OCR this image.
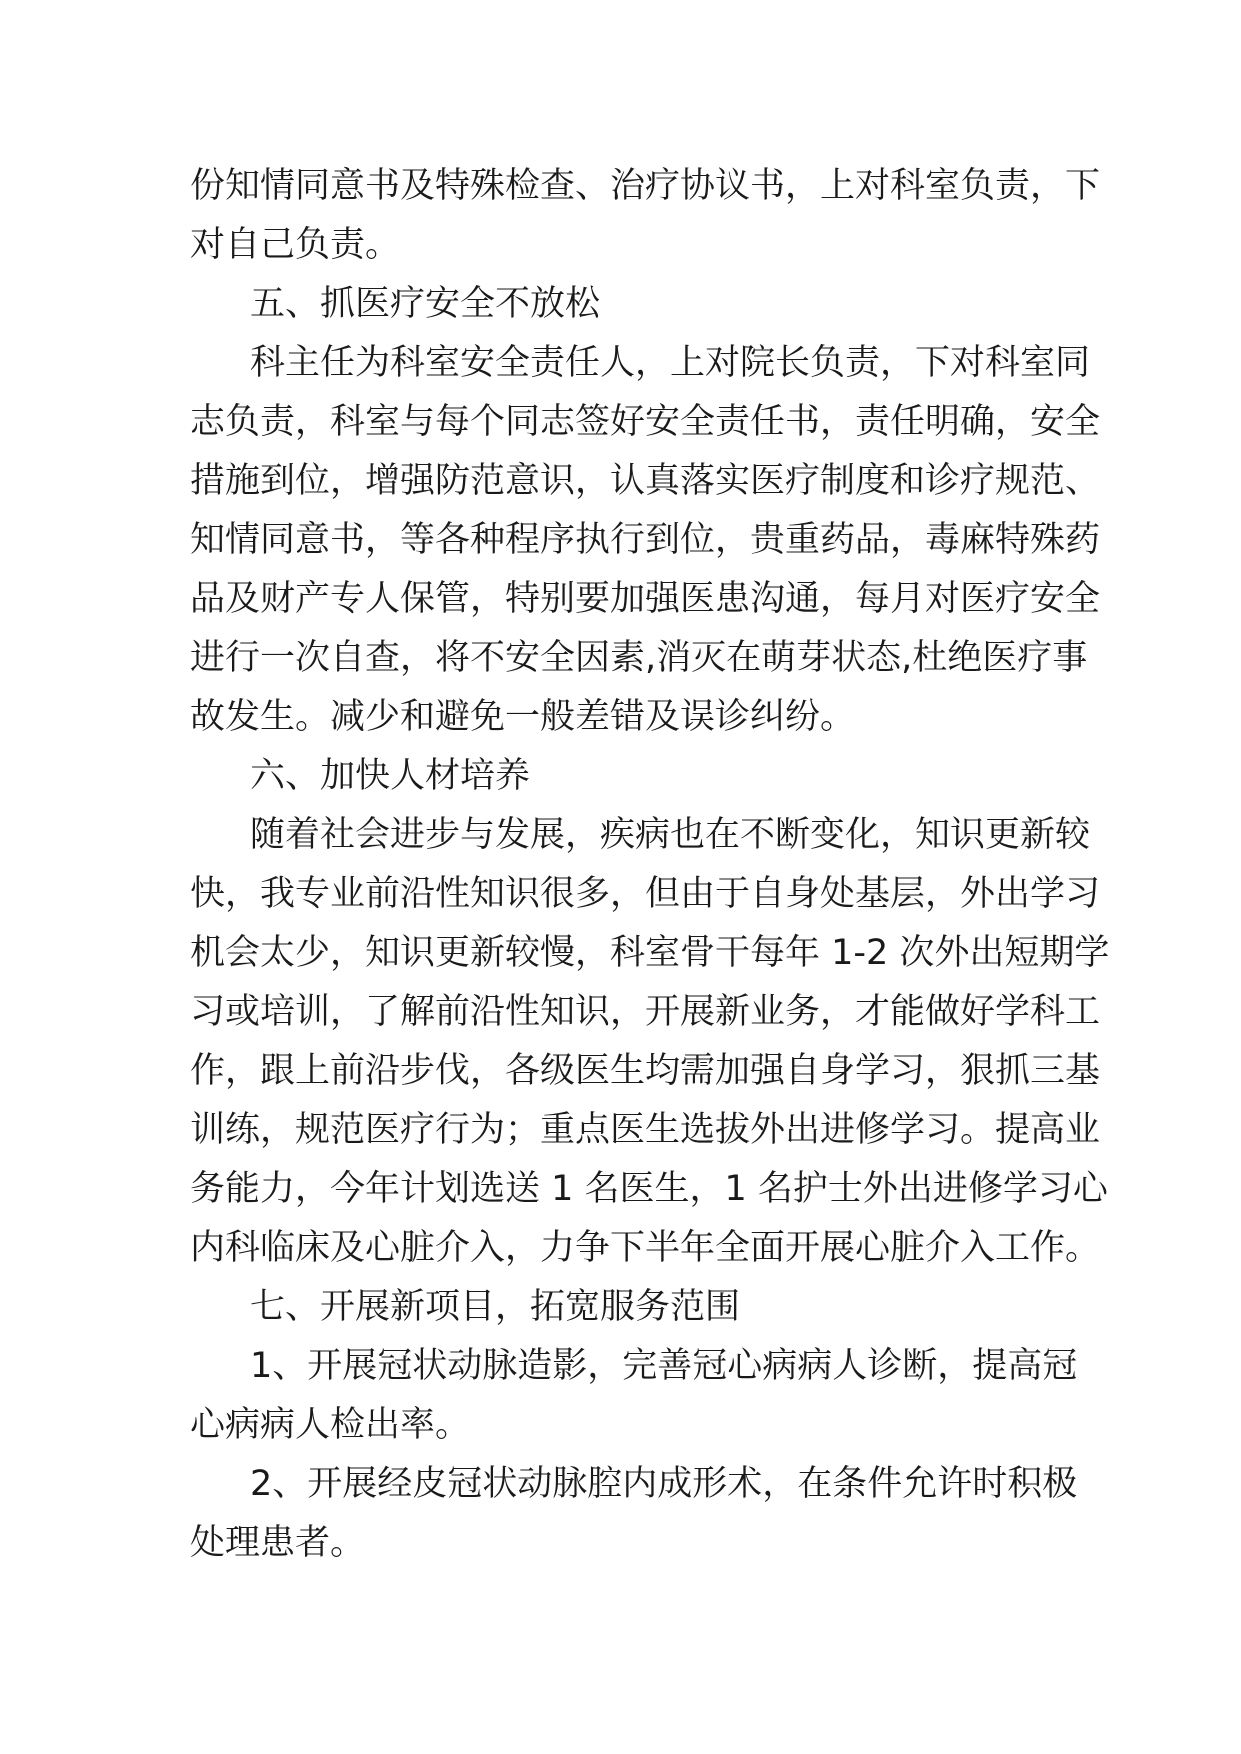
份知情同意书及特殊检查、治疗协议书，上对科室负责，下
对自己负责。
五、抓医疗安全不放松
科主任为科室安全责任人，上对院长负责，下对科室同
志负责，科室与每个同志签好安全责任书，责任明确，安全
措施到位，增强防范意识，认真落实医疗制度和诊疗规范、
知情同意书，等各种程序执行到位，贵重药品，毒麻特殊药
品及财产专人保管，特别要加强医患沟通，每月对医疗安全
进行一次自查，将不安全因素,消灭在萌芽状态,杜绝医疗事
故发生。减少和避免一般差错及误诊纠纷。
六、加快人材培养
随着社会进步与发展，疾病也在不断变化，知识更新较
快，我专业前沿性知识很多，但由于自身处基层，外出学习
机会太少，知识更新较慢，科室骨干每年 1-2 次外出短期学
习或培训，了解前沿性知识，开展新业务，才能做好学科工
作，跟上前沿步伐，各级医生均需加强自身学习，狠抓三基
训练，规范医疗行为；重点医生选拔外出进修学习。提高业
务能力，今年计划选送 1 名医生，1 名护士外出进修学习心
内科临床及心脏介入，力争下半年全面开展心脏介入工作。
七、开展新项目，拓宽服务范围
1、开展冠状动脉造影，完善冠心病病人诊断，提高冠
心病病人检出率。
2、开展经皮冠状动脉腔内成形术，在条件允许时积极
处理患者。
